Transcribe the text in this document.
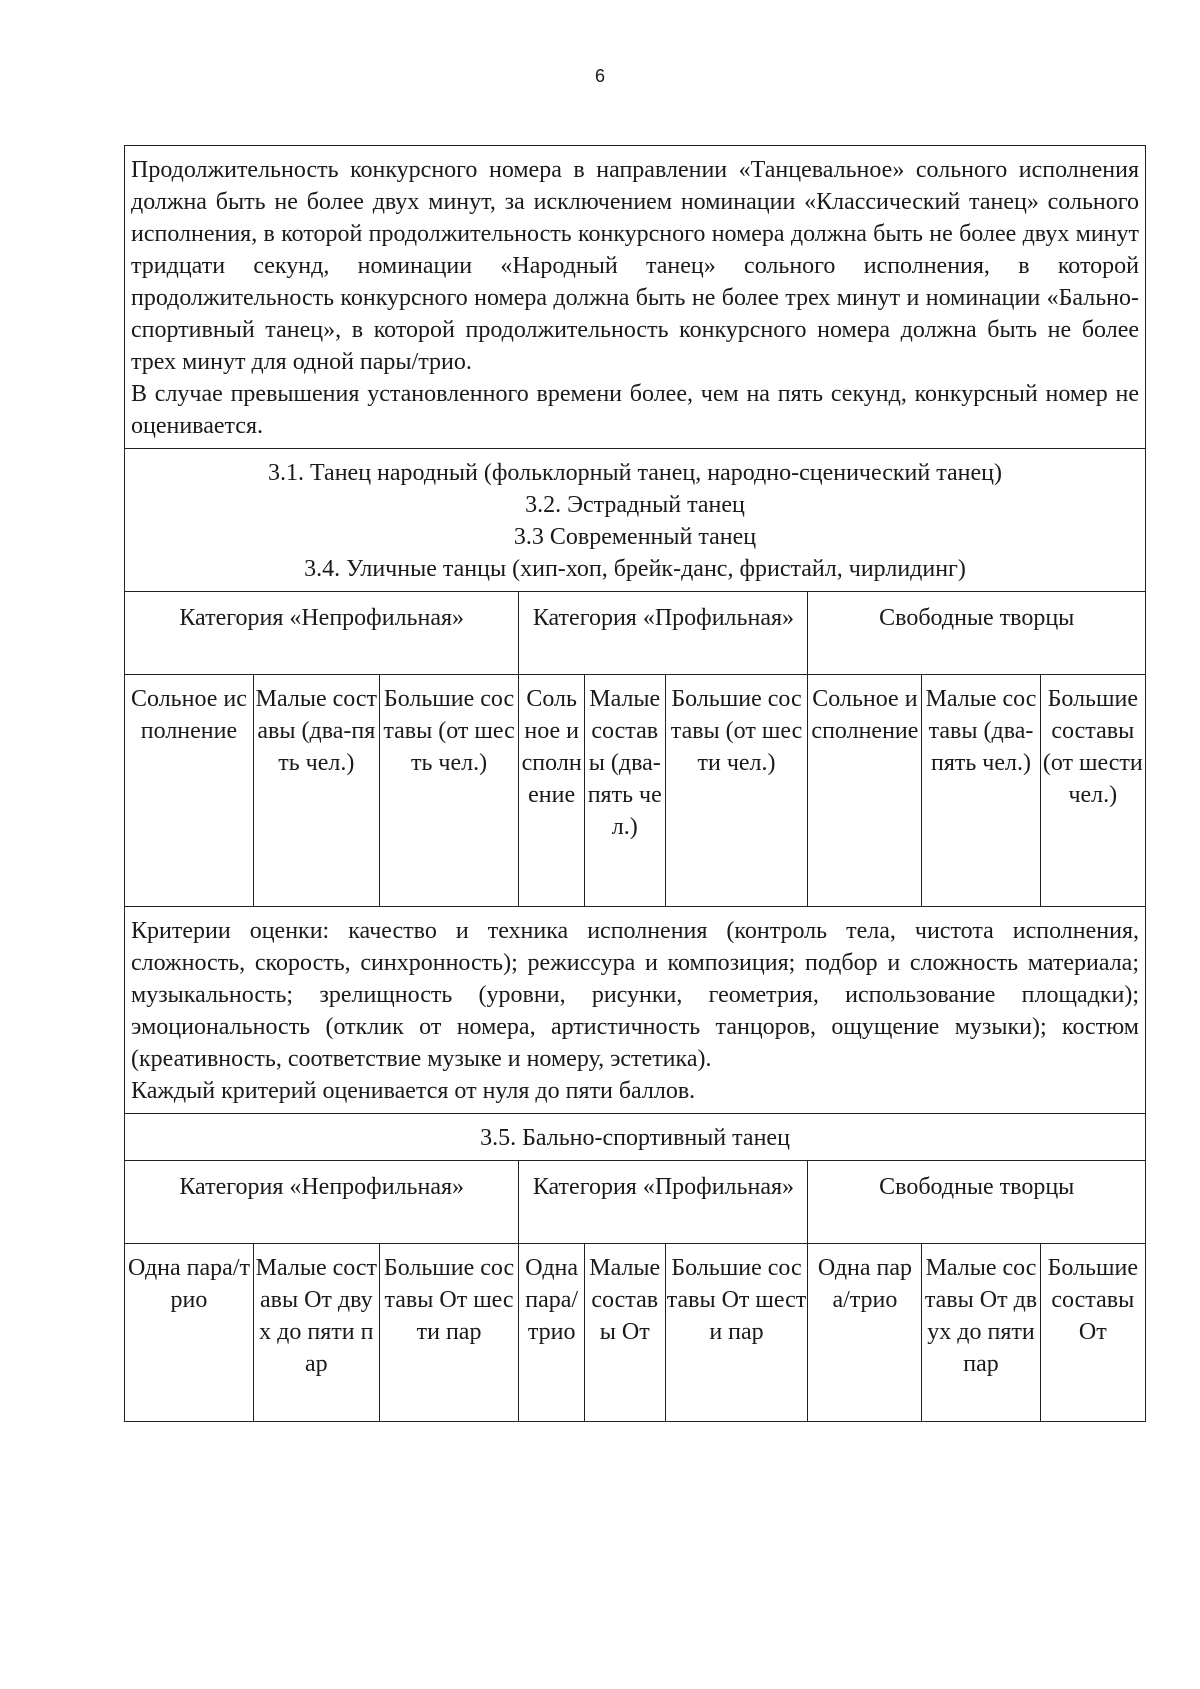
6

Продолжительность конкурсного номера в направлении «Танцевальное» сольного исполнения должна быть не более двух минут, за исключением номинации «Классический танец» сольного исполнения, в которой продолжительность конкурсного номера должна быть не более двух минут тридцати секунд, номинации «Народный танец» сольного исполнения, в которой продолжительность конкурсного номера должна быть не более трех минут и номинации «Бально-спортивный танец», в которой продолжительность конкурсного номера должна быть не более трех минут для одной пары/трио.

В случае превышения установленного времени более, чем на пять секунд, конкурсный номер не оценивается.								

3.1. Танец народный (фольклорный танец, народно-сценический танец)
3.2. Эстрадный танец
3.3 Современный танец
3.4. Уличные танцы (хип-хоп, брейк-данс, фристайл, чирлидинг)								

Категория «Непрофильная»			Категория «Профильная»			Свободные творцы		
Сольное исполнение	Малые составы (два-пять чел.)	Большие составы (от шесть чел.)	Сольное исполнение	Малые составы (два-пять чел.)	Большие составы (от шести чел.)	Сольное исполнение	Малые составы (два-пять чел.)	Большие составы (от шести чел.)

Критерии оценки: качество и техника исполнения (контроль тела, чистота исполнения, сложность, скорость, синхронность); режиссура и композиция; подбор и сложность материала; музыкальность; зрелищность (уровни, рисунки, геометрия, использование площадки); эмоциональность (отклик от номера, артистичность танцоров, ощущение музыки); костюм (креативность, соответствие музыке и номеру, эстетика).

Каждый критерий оценивается от нуля до пяти баллов.								

3.5. Бально-спортивный танец								
Категория «Непрофильная»			Категория «Профильная»			Свободные творцы		
Одна пара/трио	Малые составы От двух до пяти пар	Большие составы От шести пар	Одна пара/трио	Малые составы От	Большие составы От шести пар	Одна пара/трио	Малые составы От двух до пяти пар	Большие составы От
